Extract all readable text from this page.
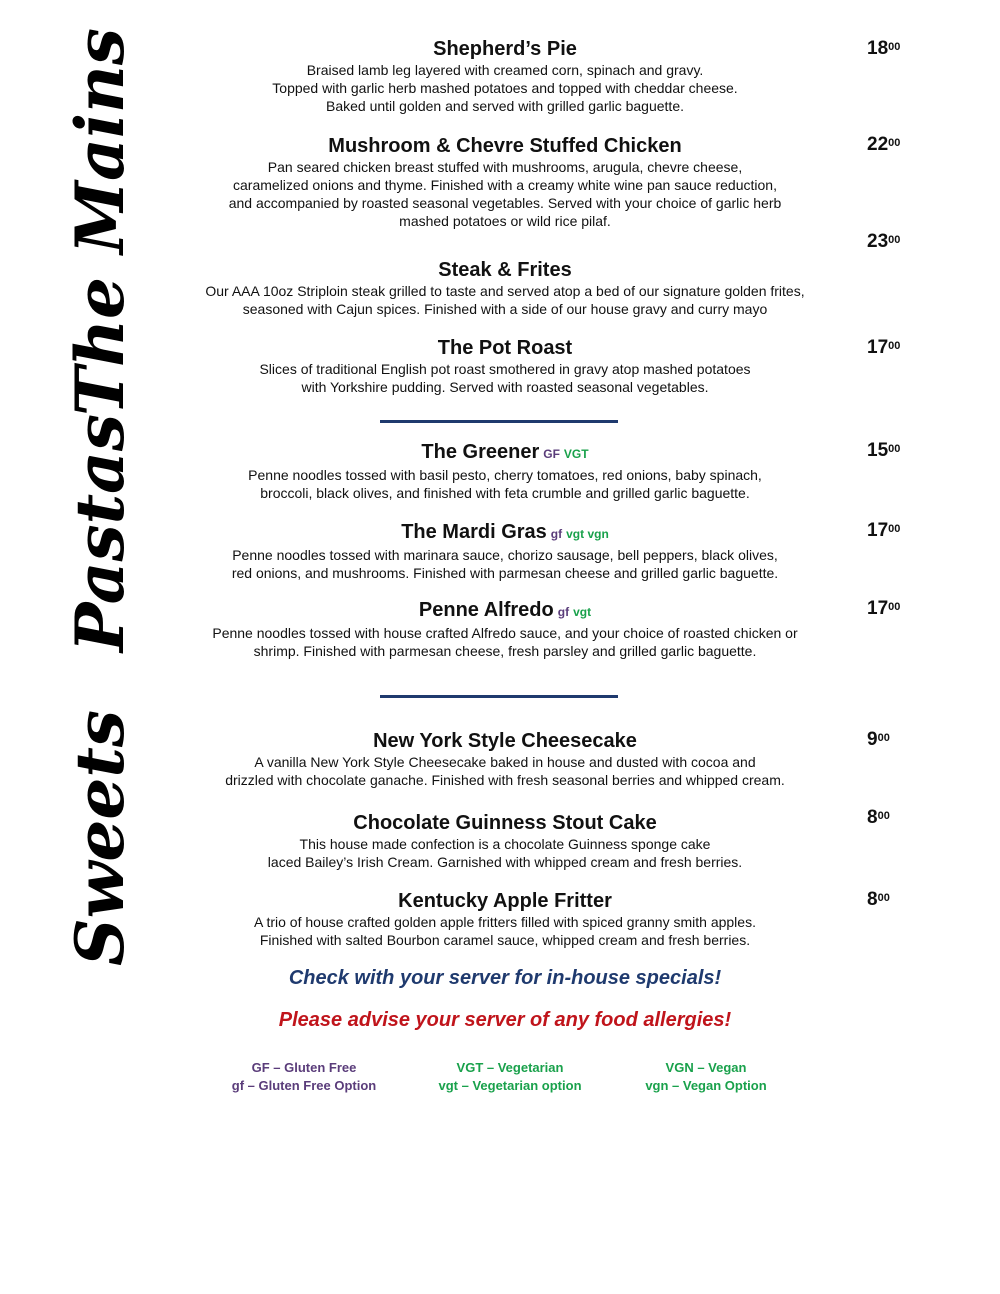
The Mains
Pastas
Sweets
Shepherd’s Pie
Braised lamb leg layered with creamed corn, spinach and gravy.
Topped with garlic herb mashed potatoes and topped with cheddar cheese.
Baked until golden and served with grilled garlic baguette.
$18^{00}$
Mushroom & Chevre Stuffed Chicken
Pan seared chicken breast stuffed with mushrooms, arugula, chevre cheese,
caramelized onions and thyme. Finished with a creamy white wine pan sauce reduction,
and accompanied by roasted seasonal vegetables. Served with your choice of garlic herb
mashed potatoes or wild rice pilaf.
$22^{00}$
Steak & Frites
Our AAA 10oz Striploin steak grilled to taste and served atop a bed of our signature golden frites,
seasoned with Cajun spices. Finished with a side of our house gravy and curry mayo
$23^{00}$
The Pot Roast
Slices of traditional English pot roast smothered in gravy atop mashed potatoes
with Yorkshire pudding. Served with roasted seasonal vegetables.
$17^{00}$
The Greener GF VGT
Penne noodles tossed with basil pesto, cherry tomatoes, red onions, baby spinach,
broccoli, black olives, and finished with feta crumble and grilled garlic baguette.
$15^{00}$
The Mardi Gras gf vgt vgn
Penne noodles tossed with marinara sauce, chorizo sausage, bell peppers, black olives,
red onions, and mushrooms. Finished with parmesan cheese and grilled garlic baguette.
$17^{00}$
Penne Alfredo gf vgt
Penne noodles tossed with house crafted Alfredo sauce, and your choice of roasted chicken or
shrimp. Finished with parmesan cheese, fresh parsley and grilled garlic baguette.
$17^{00}$
New York Style Cheesecake
A vanilla New York Style Cheesecake baked in house and dusted with cocoa and
drizzled with chocolate ganache. Finished with fresh seasonal berries and whipped cream.
$9^{00}$
Chocolate Guinness Stout Cake
This house made confection is a chocolate Guinness sponge cake
laced Bailey’s Irish Cream. Garnished with whipped cream and fresh berries.
$8^{00}$
Kentucky Apple Fritter
A trio of house crafted golden apple fritters filled with spiced granny smith apples.
Finished with salted Bourbon caramel sauce, whipped cream and fresh berries.
$8^{00}$
Check with your server for in-house specials!
Please advise your server of any food allergies!
GF – Gluten Free
gf – Gluten Free Option
VGT – Vegetarian
vgt – Vegetarian option
VGN – Vegan
vgn – Vegan Option
